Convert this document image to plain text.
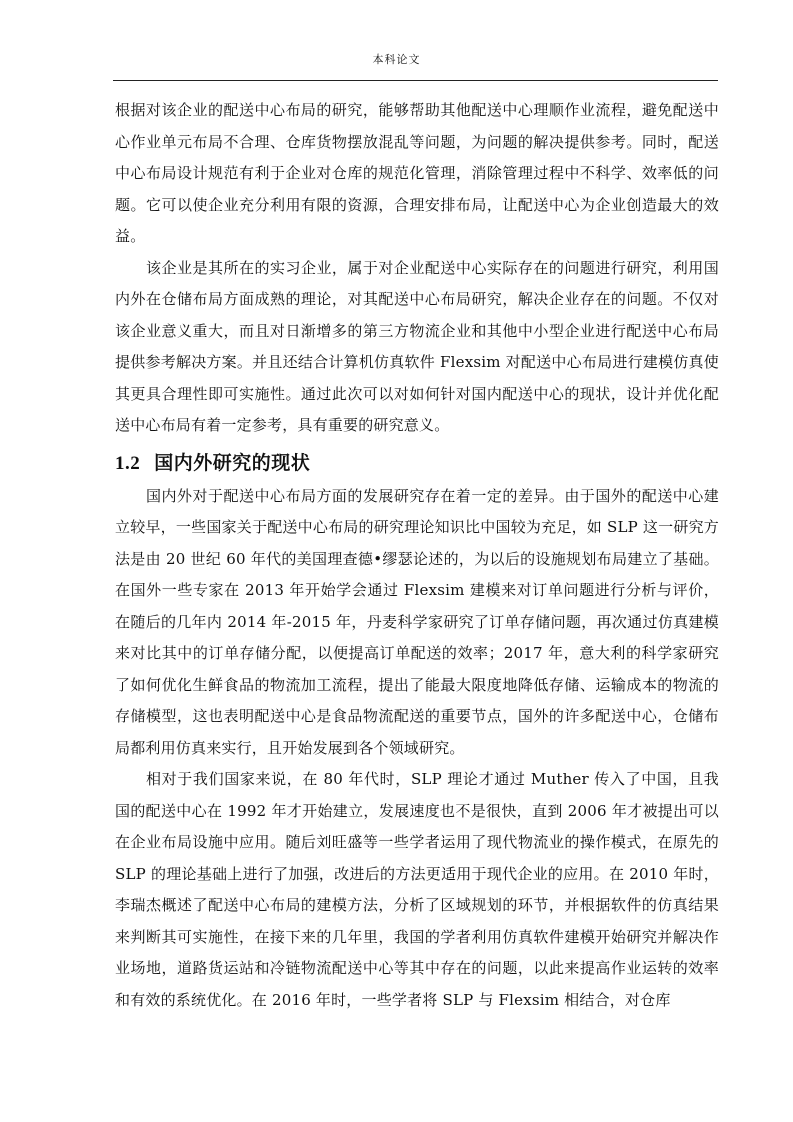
本科论文

根据对该企业的配送中心布局的研究，能够帮助其他配送中心理顺作业流程，避免配送中心作业单元布局不合理、仓库货物摆放混乱等问题，为问题的解决提供参考。同时，配送中心布局设计规范有利于企业对仓库的规范化管理，消除管理过程中不科学、效率低的问题。它可以使企业充分利用有限的资源，合理安排布局，让配送中心为企业创造最大的效益。

该企业是其所在的实习企业，属于对企业配送中心实际存在的问题进行研究，利用国内外在仓储布局方面成熟的理论，对其配送中心布局研究，解决企业存在的问题。不仅对该企业意义重大，而且对日渐增多的第三方物流企业和其他中小型企业进行配送中心布局提供参考解决方案。并且还结合计算机仿真软件 Flexsim 对配送中心布局进行建模仿真使其更具合理性即可实施性。通过此次可以对如何针对国内配送中心的现状，设计并优化配送中心布局有着一定参考，具有重要的研究意义。

1.2 国内外研究的现状

国内外对于配送中心布局方面的发展研究存在着一定的差异。由于国外的配送中心建立较早，一些国家关于配送中心布局的研究理论知识比中国较为充足，如 SLP 这一研究方法是由 20 世纪 60 年代的美国理查德•缪瑟论述的，为以后的设施规划布局建立了基础。在国外一些专家在 2013 年开始学会通过 Flexsim 建模来对订单问题进行分析与评价，在随后的几年内 2014 年-2015 年，丹麦科学家研究了订单存储问题，再次通过仿真建模来对比其中的订单存储分配，以便提高订单配送的效率；2017 年，意大利的科学家研究了如何优化生鲜食品的物流加工流程，提出了能最大限度地降低存储、运输成本的物流的存储模型，这也表明配送中心是食品物流配送的重要节点，国外的许多配送中心，仓储布局都利用仿真来实行，且开始发展到各个领域研究。

相对于我们国家来说，在 80 年代时，SLP 理论才通过 Muther 传入了中国，且我国的配送中心在 1992 年才开始建立，发展速度也不是很快，直到 2006 年才被提出可以在企业布局设施中应用。随后刘旺盛等一些学者运用了现代物流业的操作模式，在原先的 SLP 的理论基础上进行了加强，改进后的方法更适用于现代企业的应用。在 2010 年时，李瑞杰概述了配送中心布局的建模方法，分析了区域规划的环节，并根据软件的仿真结果来判断其可实施性，在接下来的几年里，我国的学者利用仿真软件建模开始研究并解决作业场地，道路货运站和冷链物流配送中心等其中存在的问题，以此来提高作业运转的效率和有效的系统优化。在 2016 年时，一些学者将 SLP 与 Flexsim 相结合，对仓库
